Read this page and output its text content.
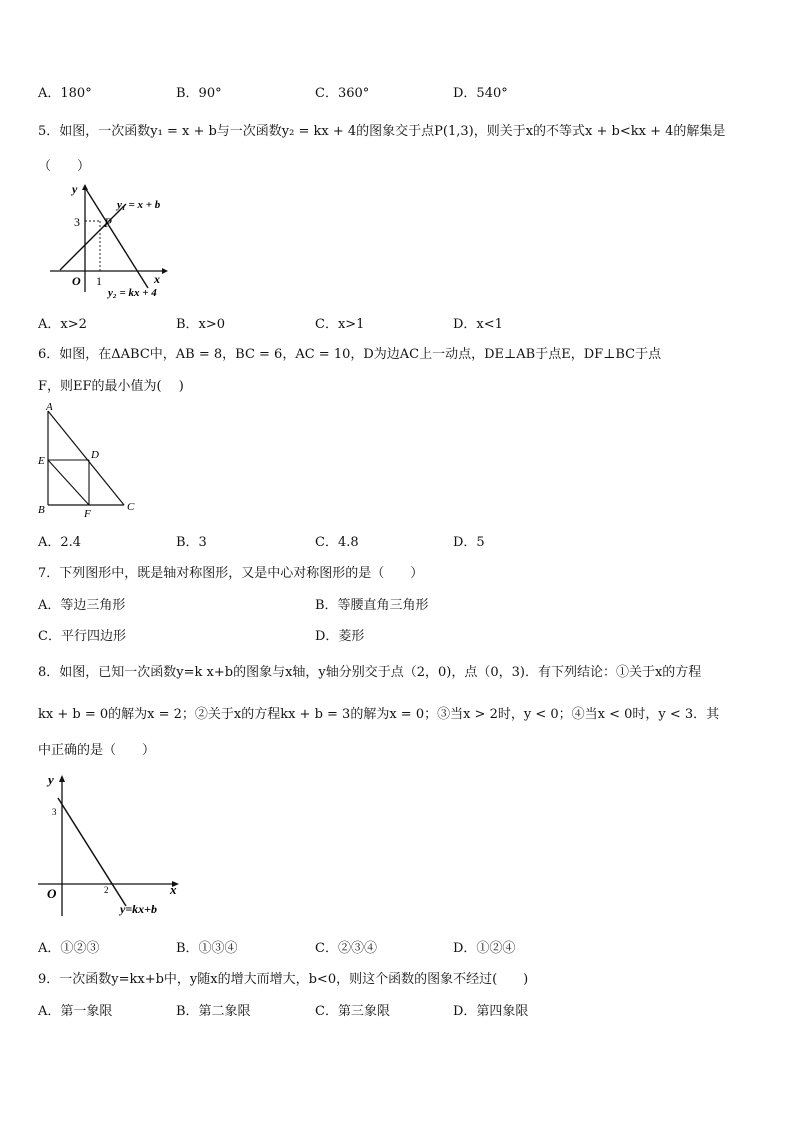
A．180°	B．90°	C．360°	D．540°
5．如图，一次函数y₁ = x + b与一次函数y₂ = kx + 4的图象交于点P(1,3)，则关于x的不等式x + b<kx + 4的解集是
（　　）
y
x
O
3
1
P
y₁ = x + b
y₂ = kx + 4
A．x>2	B．x>0	C．x>1	D．x<1
6．如图，在ΔABC中，AB = 8，BC = 6，AC = 10，D为边AC上一动点，DE⊥AB于点E，DF⊥BC于点
F，则EF的最小值为(　 )
A
B	C
D
E
F
A．2.4	B．3	C．4.8	D．5
7．下列图形中，既是轴对称图形，又是中心对称图形的是（　　）
A．等边三角形	B．等腰直角三角形
C．平行四边形	D．菱形
8．如图，已知一次函数y=k x+b的图象与x轴，y轴分别交于点（2，0)，点（0，3)．有下列结论：①关于x的方程
kx + b = 0的解为x = 2；②关于x的方程kx + b = 3的解为x = 0；③当x > 2时，y < 0；④当x < 0时，y < 3．其
中正确的是（　　）
y
x
O
3
2
y=kx+b
A．①②③	B．①③④	C．②③④	D．①②④
9．一次函数y=kx+b中，y随x的增大而增大，b<0，则这个函数的图象不经过(　　)
A．第一象限	B．第二象限	C．第三象限	D．第四象限
